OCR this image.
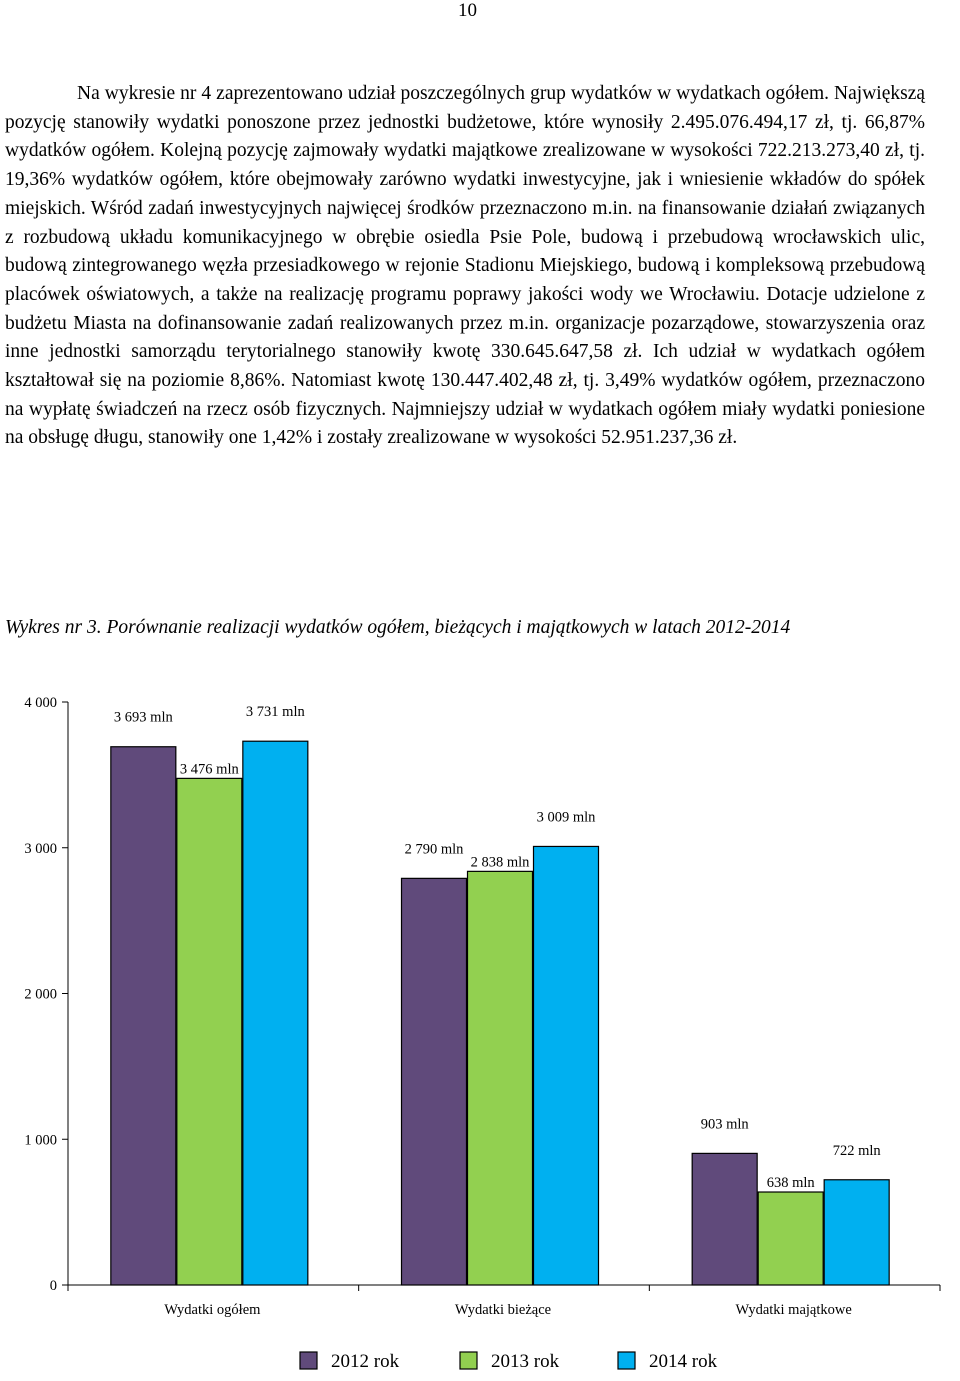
10

Na wykresie nr 4 zaprezentowano udział poszczególnych grup wydatków w wydatkach ogółem. Największą pozycję stanowiły wydatki ponoszone przez jednostki budżetowe, które wynosiły 2.495.076.494,17 zł, tj. 66,87% wydatków ogółem. Kolejną pozycję zajmowały wydatki majątkowe zrealizowane w wysokości 722.213.273,40 zł, tj. 19,36% wydatków ogółem, które obejmowały zarówno wydatki inwestycyjne, jak i wniesienie wkładów do spółek miejskich. Wśród zadań inwestycyjnych najwięcej środków przeznaczono m.in. na finansowanie działań związanych z rozbudową układu komunikacyjnego w obrębie osiedla Psie Pole, budową i przebudową wrocławskich ulic, budową zintegrowanego węzła przesiadkowego w rejonie Stadionu Miejskiego, budową i kompleksową przebudową placówek oświatowych, a także na realizację programu poprawy jakości wody we Wrocławiu. Dotacje udzielone z budżetu Miasta na dofinansowanie zadań realizowanych przez m.in. organizacje pozarządowe, stowarzyszenia oraz inne jednostki samorządu terytorialnego stanowiły kwotę 330.645.647,58 zł. Ich udział w wydatkach ogółem kształtował się na poziomie 8,86%. Natomiast kwotę 130.447.402,48 zł, tj. 3,49% wydatków ogółem, przeznaczono na wypłatę świadczeń na rzecz osób fizycznych. Najmniejszy udział w wydatkach ogółem miały wydatki poniesione na obsługę długu, stanowiły one 1,42% i zostały zrealizowane w wysokości 52.951.237,36 zł.

Wykres nr 3. Porównanie realizacji wydatków ogółem, bieżących i majątkowych w latach 2012-2014
0
1 000
2 000
3 000
4 000
Wydatki ogółem
3 693 mln
3 476 mln
3 731 mln
Wydatki bieżące
2 790 mln
2 838 mln
3 009 mln
Wydatki majątkowe
903 mln
638 mln
722 mln
2012 rok	2013 rok	2014 rok
